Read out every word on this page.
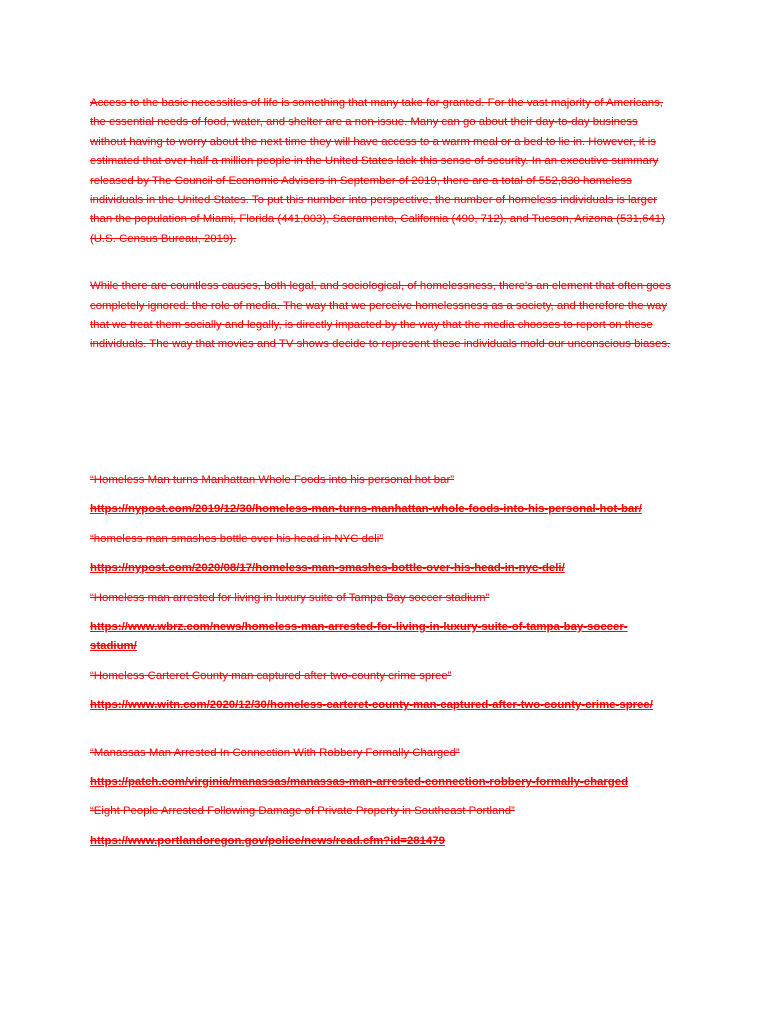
Access to the basic necessities of life is something that many take for granted. For the vast majority of Americans, the essential needs of food, water, and shelter are a non-issue. Many can go about their day-to-day business without having to worry about the next time they will have access to a warm meal or a bed to lie in. However, it is estimated that over half a million people in the United States lack this sense of security. In an executive summary released by The Council of Economic Advisers in September of 2019, there are a total of 552,830 homeless individuals in the United States. To put this number into perspective, the number of homeless individuals is larger than the population of Miami, Florida (441,003), Sacramento, California (490, 712), and Tucson, Arizona (531,641) (U.S. Census Bureau, 2019).

While there are countless causes, both legal, and sociological, of homelessness, there's an element that often goes completely ignored: the role of media. The way that we perceive homelessness as a society, and therefore the way that we treat them socially and legally, is directly impacted by the way that the media chooses to report on these individuals. The way that movies and TV shows decide to represent these individuals mold our unconscious biases.

“Homeless Man turns Manhattan Whole Foods into his personal hot bar”
https://nypost.com/2019/12/30/homeless-man-turns-manhattan-whole-foods-into-his-personal-hot-bar/
“homeless man smashes bottle over his head in NYC deli”
https://nypost.com/2020/08/17/homeless-man-smashes-bottle-over-his-head-in-nyc-deli/
“Homeless man arrested for living in luxury suite of Tampa Bay soccer stadium”
https://www.wbrz.com/news/homeless-man-arrested-for-living-in-luxury-suite-of-tampa-bay-soccer-stadium/
“Homeless Carteret County man captured after two-county crime spree”
https://www.witn.com/2020/12/30/homeless-carteret-county-man-captured-after-two-county-crime-spree/
“Manassas Man Arrested In Connection With Robbery Formally Charged”
https://patch.com/virginia/manassas/manassas-man-arrested-connection-robbery-formally-charged
“Eight People Arrested Following Damage of Private Property in Southeast Portland”
https://www.portlandoregon.gov/police/news/read.cfm?id=281479
